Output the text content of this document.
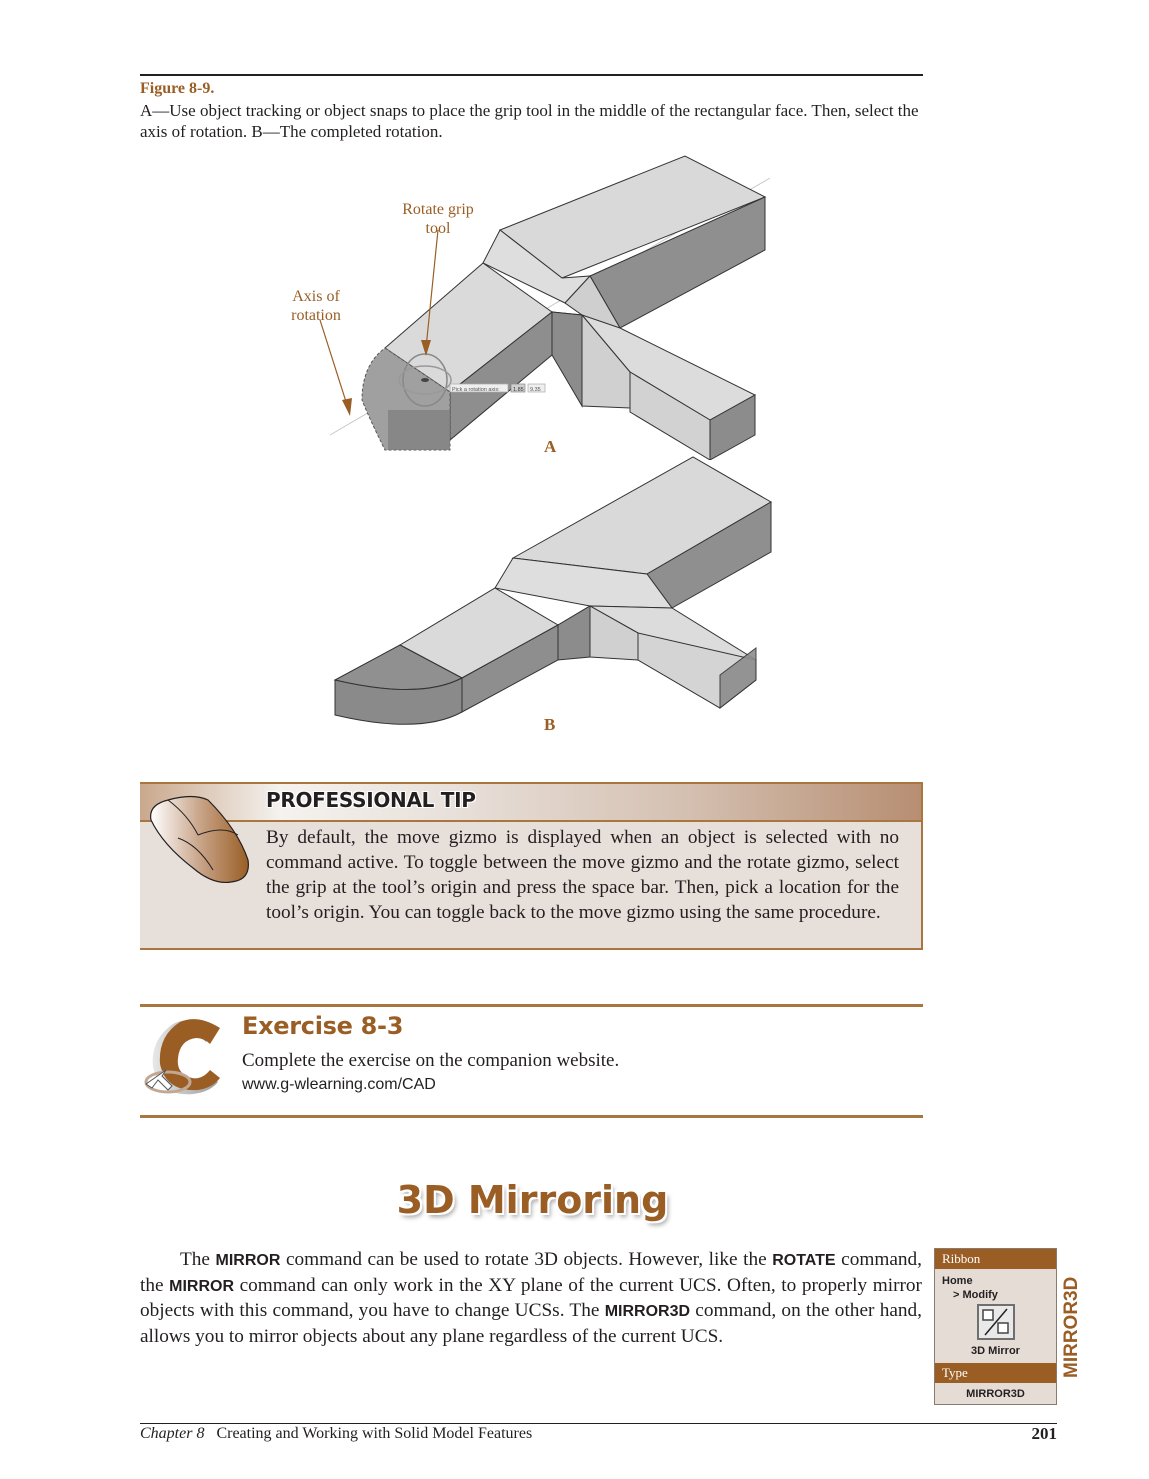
Figure 8-9.
A—Use object tracking or object snaps to place the grip tool in the middle of the rectangular face. Then, select the axis of rotation. B—The completed rotation.
Pick a rotation axis: 1.85 9.35
Rotate grip
tool
Axis of
rotation
A
B
PROFESSIONAL TIP
By default, the move gizmo is displayed when an object is selected with no command active. To toggle between the move gizmo and the rotate gizmo, select the grip at the tool’s origin and press the space bar. Then, pick a location for the tool’s origin. You can toggle back to the move gizmo using the same procedure.
Exercise 8-3
Complete the exercise on the companion website.
www.g-wlearning.com/CAD
3D Mirroring
The MIRROR command can be used to rotate 3D objects. However, like the ROTATE command, the MIRROR command can only work in the XY plane of the current UCS. Often, to properly mirror objects with this command, you have to change UCSs. The MIRROR3D command, on the other hand, allows you to mirror objects about any plane regardless of the current UCS.
Ribbon
Home
> Modify
3D Mirror
Type
MIRROR3D
MIRROR3D
Chapter 8 Creating and Working with Solid Model Features	201
